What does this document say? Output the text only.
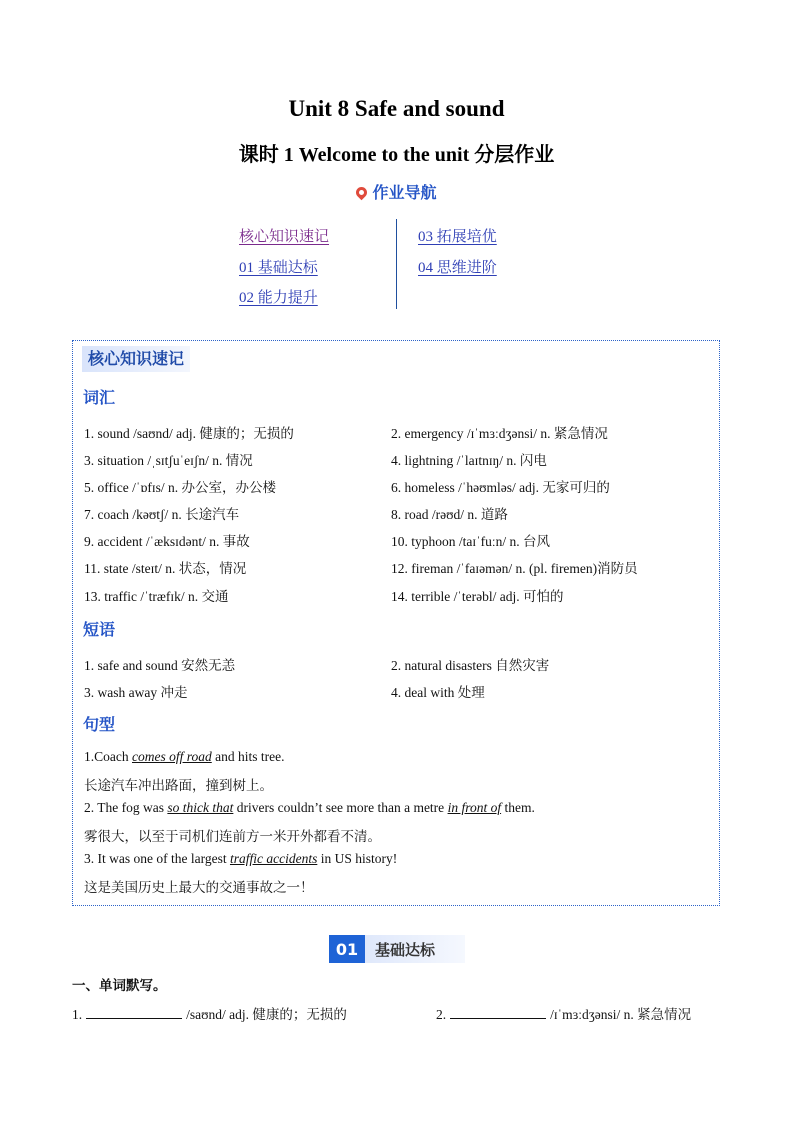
Unit 8 Safe and sound
课时 1 Welcome to the unit 分层作业
作业导航
核心知识速记
01 基础达标
02 能力提升
03 拓展培优
04 思维进阶
核心知识速记
词汇
1. sound /saʊnd/ adj. 健康的；无损的	2. emergency /ɪˈmɜːdʒənsi/ n. 紧急情况
3. situation /ˌsɪtʃuˈeɪʃn/ n. 情况	4. lightning /ˈlaɪtnɪŋ/ n. 闪电
5. office /ˈɒfɪs/ n. 办公室，办公楼	6. homeless /ˈhəʊmləs/ adj. 无家可归的
7. coach /kəʊtʃ/ n. 长途汽车	8. road /rəʊd/ n. 道路
9. accident /ˈæksɪdənt/ n. 事故	10. typhoon /taɪˈfuːn/ n. 台风
11. state /steɪt/ n. 状态，情况	12. fireman /ˈfaɪəmən/ n. (pl. firemen)消防员
13. traffic /ˈtræfɪk/ n. 交通	14. terrible /ˈterəbl/ adj. 可怕的
短语
1. safe and sound 安然无恙	2. natural disasters 自然灾害
3. wash away 冲走	4. deal with 处理
句型
1.Coach comes off road and hits tree.
长途汽车冲出路面，撞到树上。
2. The fog was so thick that drivers couldn’t see more than a metre in front of them.
雾很大，以至于司机们连前方一米开外都看不清。
3. It was one of the largest traffic accidents in US history!
这是美国历史上最大的交通事故之一！
01	基础达标
一、单词默写。
1.	/saʊnd/ adj. 健康的；无损的	2.	/ɪˈmɜːdʒənsi/ n. 紧急情况
